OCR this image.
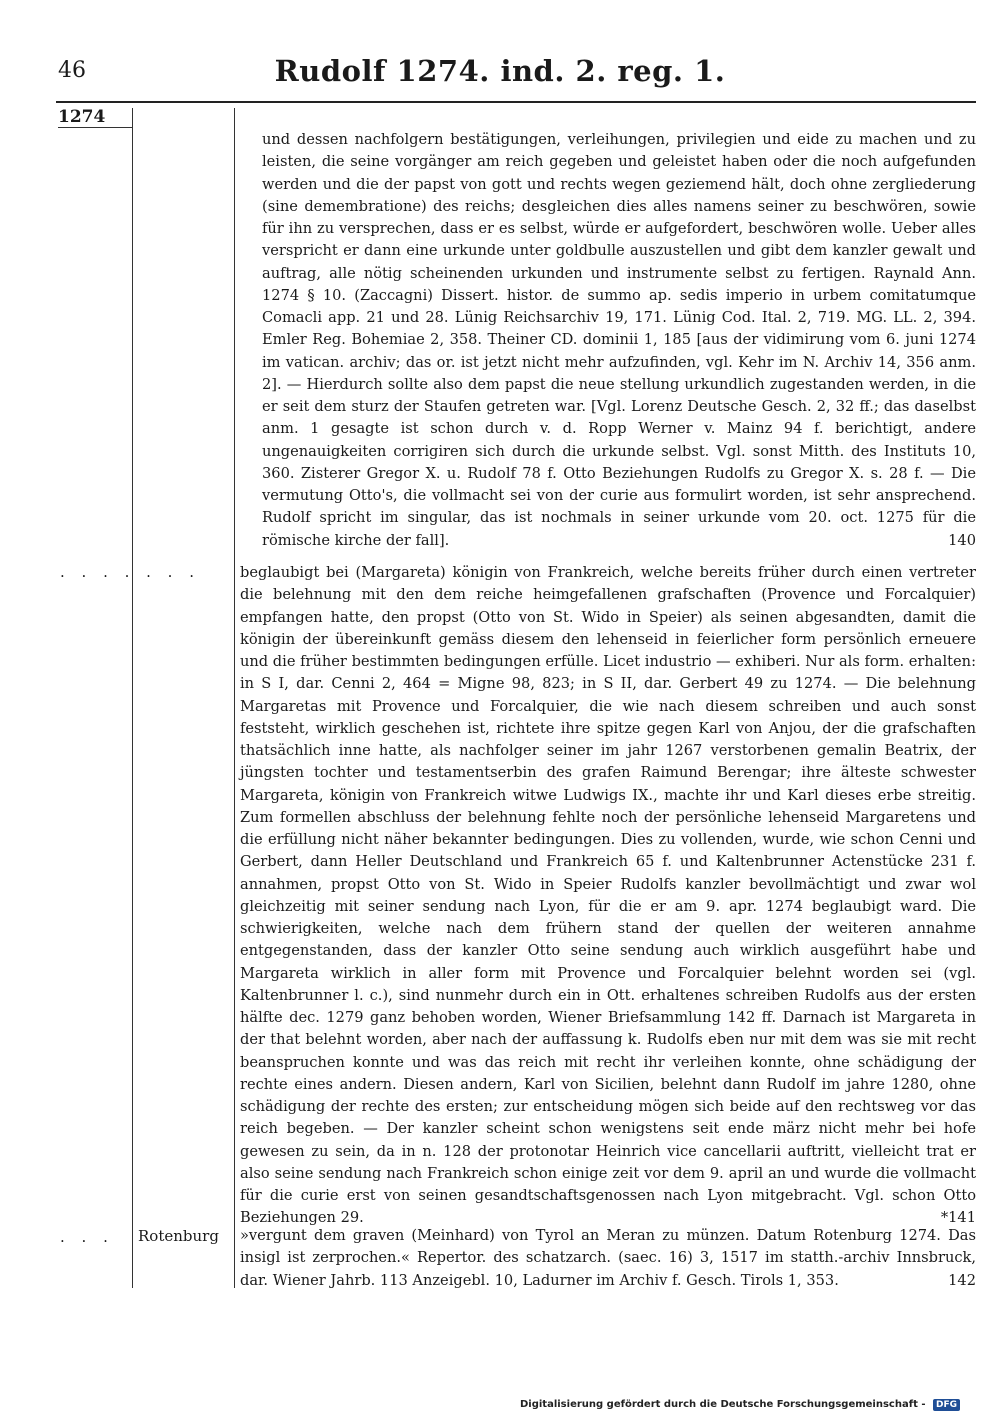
46	Rudolf 1274. ind. 2. reg. 1.
1274

und dessen nachfolgern bestätigungen, verleihungen, privilegien und eide zu machen und zu leisten, die seine vorgänger am reich gegeben und geleistet haben oder die noch aufgefunden werden und die der papst von gott und rechts wegen geziemend hält, doch ohne zergliederung (sine demembratione) des reichs; desgleichen dies alles namens seiner zu beschwören, sowie für ihn zu versprechen, dass er es selbst, würde er aufgefordert, beschwören wolle. Ueber alles verspricht er dann eine urkunde unter goldbulle auszustellen und gibt dem kanzler gewalt und auftrag, alle nötig scheinenden urkunden und instrumente selbst zu fertigen. Raynald Ann. 1274 § 10. (Zaccagni) Dissert. histor. de summo ap. sedis imperio in urbem comitatumque Comacli app. 21 und 28. Lünig Reichsarchiv 19, 171. Lünig Cod. Ital. 2, 719. MG. LL. 2, 394. Emler Reg. Bohemiae 2, 358. Theiner CD. dominii 1, 185 [aus der vidimirung vom 6. juni 1274 im vatican. archiv; das or. ist jetzt nicht mehr aufzufinden, vgl. Kehr im N. Archiv 14, 356 anm. 2]. — Hierdurch sollte also dem papst die neue stellung urkundlich zugestanden werden, in die er seit dem sturz der Staufen getreten war. [Vgl. Lorenz Deutsche Gesch. 2, 32 ff.; das daselbst anm. 1 gesagte ist schon durch v. d. Ropp Werner v. Mainz 94 f. berichtigt, andere ungenauigkeiten corrigiren sich durch die urkunde selbst. Vgl. sonst Mitth. des Instituts 10, 360. Zisterer Gregor X. u. Rudolf 78 f. Otto Beziehungen Rudolfs zu Gregor X. s. 28 f. — Die vermutung Otto's, die vollmacht sei von der curie aus formulirt worden, ist sehr ansprechend. Rudolf spricht im singular, das ist nochmals in seiner urkunde vom 20. oct. 1275 für die römische kirche der fall].	140

. . . . . . .	beglaubigt bei (Margareta) königin von Frankreich, welche bereits früher durch einen vertreter die belehnung mit den dem reiche heimgefallenen grafschaften (Provence und Forcalquier) empfangen hatte, den propst (Otto von St. Wido in Speier) als seinen abgesandten, damit die königin der übereinkunft gemäss diesem den lehenseid in feierlicher form persönlich erneuere und die früher bestimmten bedingungen erfülle. Licet industrio — exhiberi. Nur als form. erhalten: in S I, dar. Cenni 2, 464 = Migne 98, 823; in S II, dar. Gerbert 49 zu 1274. — Die belehnung Margaretas mit Provence und Forcalquier, die wie nach diesem schreiben und auch sonst feststeht, wirklich geschehen ist, richtete ihre spitze gegen Karl von Anjou, der die grafschaften thatsächlich inne hatte, als nachfolger seiner im jahr 1267 verstorbenen gemalin Beatrix, der jüngsten tochter und testamentserbin des grafen Raimund Berengar; ihre älteste schwester Margareta, königin von Frankreich witwe Ludwigs IX., machte ihr und Karl dieses erbe streitig. Zum formellen abschluss der belehnung fehlte noch der persönliche lehenseid Margaretens und die erfüllung nicht näher bekannter bedingungen. Dies zu vollenden, wurde, wie schon Cenni und Gerbert, dann Heller Deutschland und Frankreich 65 f. und Kaltenbrunner Actenstücke 231 f. annahmen, propst Otto von St. Wido in Speier Rudolfs kanzler bevollmächtigt und zwar wol gleichzeitig mit seiner sendung nach Lyon, für die er am 9. apr. 1274 beglaubigt ward. Die schwierigkeiten, welche nach dem frühern stand der quellen der weiteren annahme entgegenstanden, dass der kanzler Otto seine sendung auch wirklich ausgeführt habe und Margareta wirklich in aller form mit Provence und Forcalquier belehnt worden sei (vgl. Kaltenbrunner l. c.), sind nunmehr durch ein in Ott. erhaltenes schreiben Rudolfs aus der ersten hälfte dec. 1279 ganz behoben worden, Wiener Briefsammlung 142 ff. Darnach ist Margareta in der that belehnt worden, aber nach der auffassung k. Rudolfs eben nur mit dem was sie mit recht beanspruchen konnte und was das reich mit recht ihr verleihen konnte, ohne schädigung der rechte eines andern. Diesen andern, Karl von Sicilien, belehnt dann Rudolf im jahre 1280, ohne schädigung der rechte des ersten; zur entscheidung mögen sich beide auf den rechtsweg vor das reich begeben. — Der kanzler scheint schon wenigstens seit ende märz nicht mehr bei hofe gewesen zu sein, da in n. 128 der protonotar Heinrich vice cancellarii auftritt, vielleicht trat er also seine sendung nach Frankreich schon einige zeit vor dem 9. april an und wurde die vollmacht für die curie erst von seinen gesandtschaftsgenossen nach Lyon mitgebracht. Vgl. schon Otto Beziehungen 29.	*141

. . . Rotenburg »vergunt dem graven (Meinhard) von Tyrol an Meran zu münzen. Datum Rotenburg 1274. Das insigl ist zerprochen.« Repertor. des schatzarch. (saec. 16) 3, 1517 im statth.-archiv Innsbruck, dar. Wiener Jahrb. 113 Anzeigebl. 10, Ladurner im Archiv f. Gesch. Tirols 1, 353.	142

Digitalisierung gefördert durch die Deutsche Forschungsgemeinschaft - DFG
